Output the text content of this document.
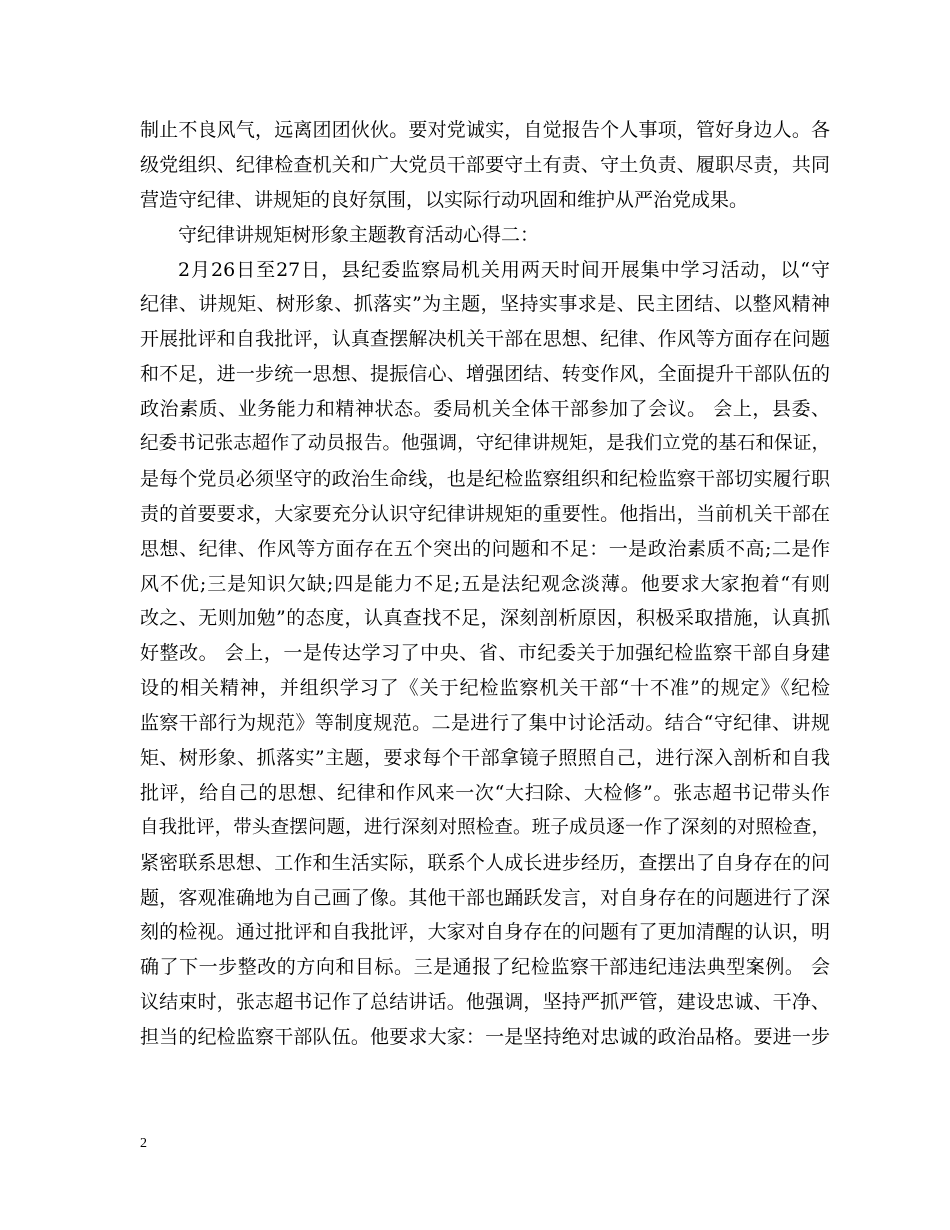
制止不良风气，远离团团伙伙。要对党诚实，自觉报告个人事项，管好身边人。各
级党组织、纪律检查机关和广大党员干部要守土有责、守土负责、履职尽责，共同
营造守纪律、讲规矩的良好氛围，以实际行动巩固和维护从严治党成果。
守纪律讲规矩树形象主题教育活动心得二：
2月26日至27日，县纪委监察局机关用两天时间开展集中学习活动，以“守
纪律、讲规矩、树形象、抓落实”为主题，坚持实事求是、民主团结、以整风精神
开展批评和自我批评，认真查摆解决机关干部在思想、纪律、作风等方面存在问题
和不足，进一步统一思想、提振信心、增强团结、转变作风，全面提升干部队伍的
政治素质、业务能力和精神状态。委局机关全体干部参加了会议。 会上，县委、
纪委书记张志超作了动员报告。他强调，守纪律讲规矩，是我们立党的基石和保证，
是每个党员必须坚守的政治生命线，也是纪检监察组织和纪检监察干部切实履行职
责的首要要求，大家要充分认识守纪律讲规矩的重要性。他指出，当前机关干部在
思想、纪律、作风等方面存在五个突出的问题和不足：一是政治素质不高;二是作
风不优;三是知识欠缺;四是能力不足;五是法纪观念淡薄。他要求大家抱着“有则
改之、无则加勉”的态度，认真查找不足，深刻剖析原因，积极采取措施，认真抓
好整改。 会上，一是传达学习了中央、省、市纪委关于加强纪检监察干部自身建
设的相关精神，并组织学习了《关于纪检监察机关干部“十不准”的规定》《纪检
监察干部行为规范》等制度规范。二是进行了集中讨论活动。结合“守纪律、讲规
矩、树形象、抓落实”主题，要求每个干部拿镜子照照自己，进行深入剖析和自我
批评，给自己的思想、纪律和作风来一次“大扫除、大检修”。张志超书记带头作
自我批评，带头查摆问题，进行深刻对照检查。班子成员逐一作了深刻的对照检查，
紧密联系思想、工作和生活实际，联系个人成长进步经历，查摆出了自身存在的问
题，客观准确地为自己画了像。其他干部也踊跃发言，对自身存在的问题进行了深
刻的检视。通过批评和自我批评，大家对自身存在的问题有了更加清醒的认识，明
确了下一步整改的方向和目标。三是通报了纪检监察干部违纪违法典型案例。 会
议结束时，张志超书记作了总结讲话。他强调，坚持严抓严管，建设忠诚、干净、
担当的纪检监察干部队伍。他要求大家：一是坚持绝对忠诚的政治品格。要进一步
2
